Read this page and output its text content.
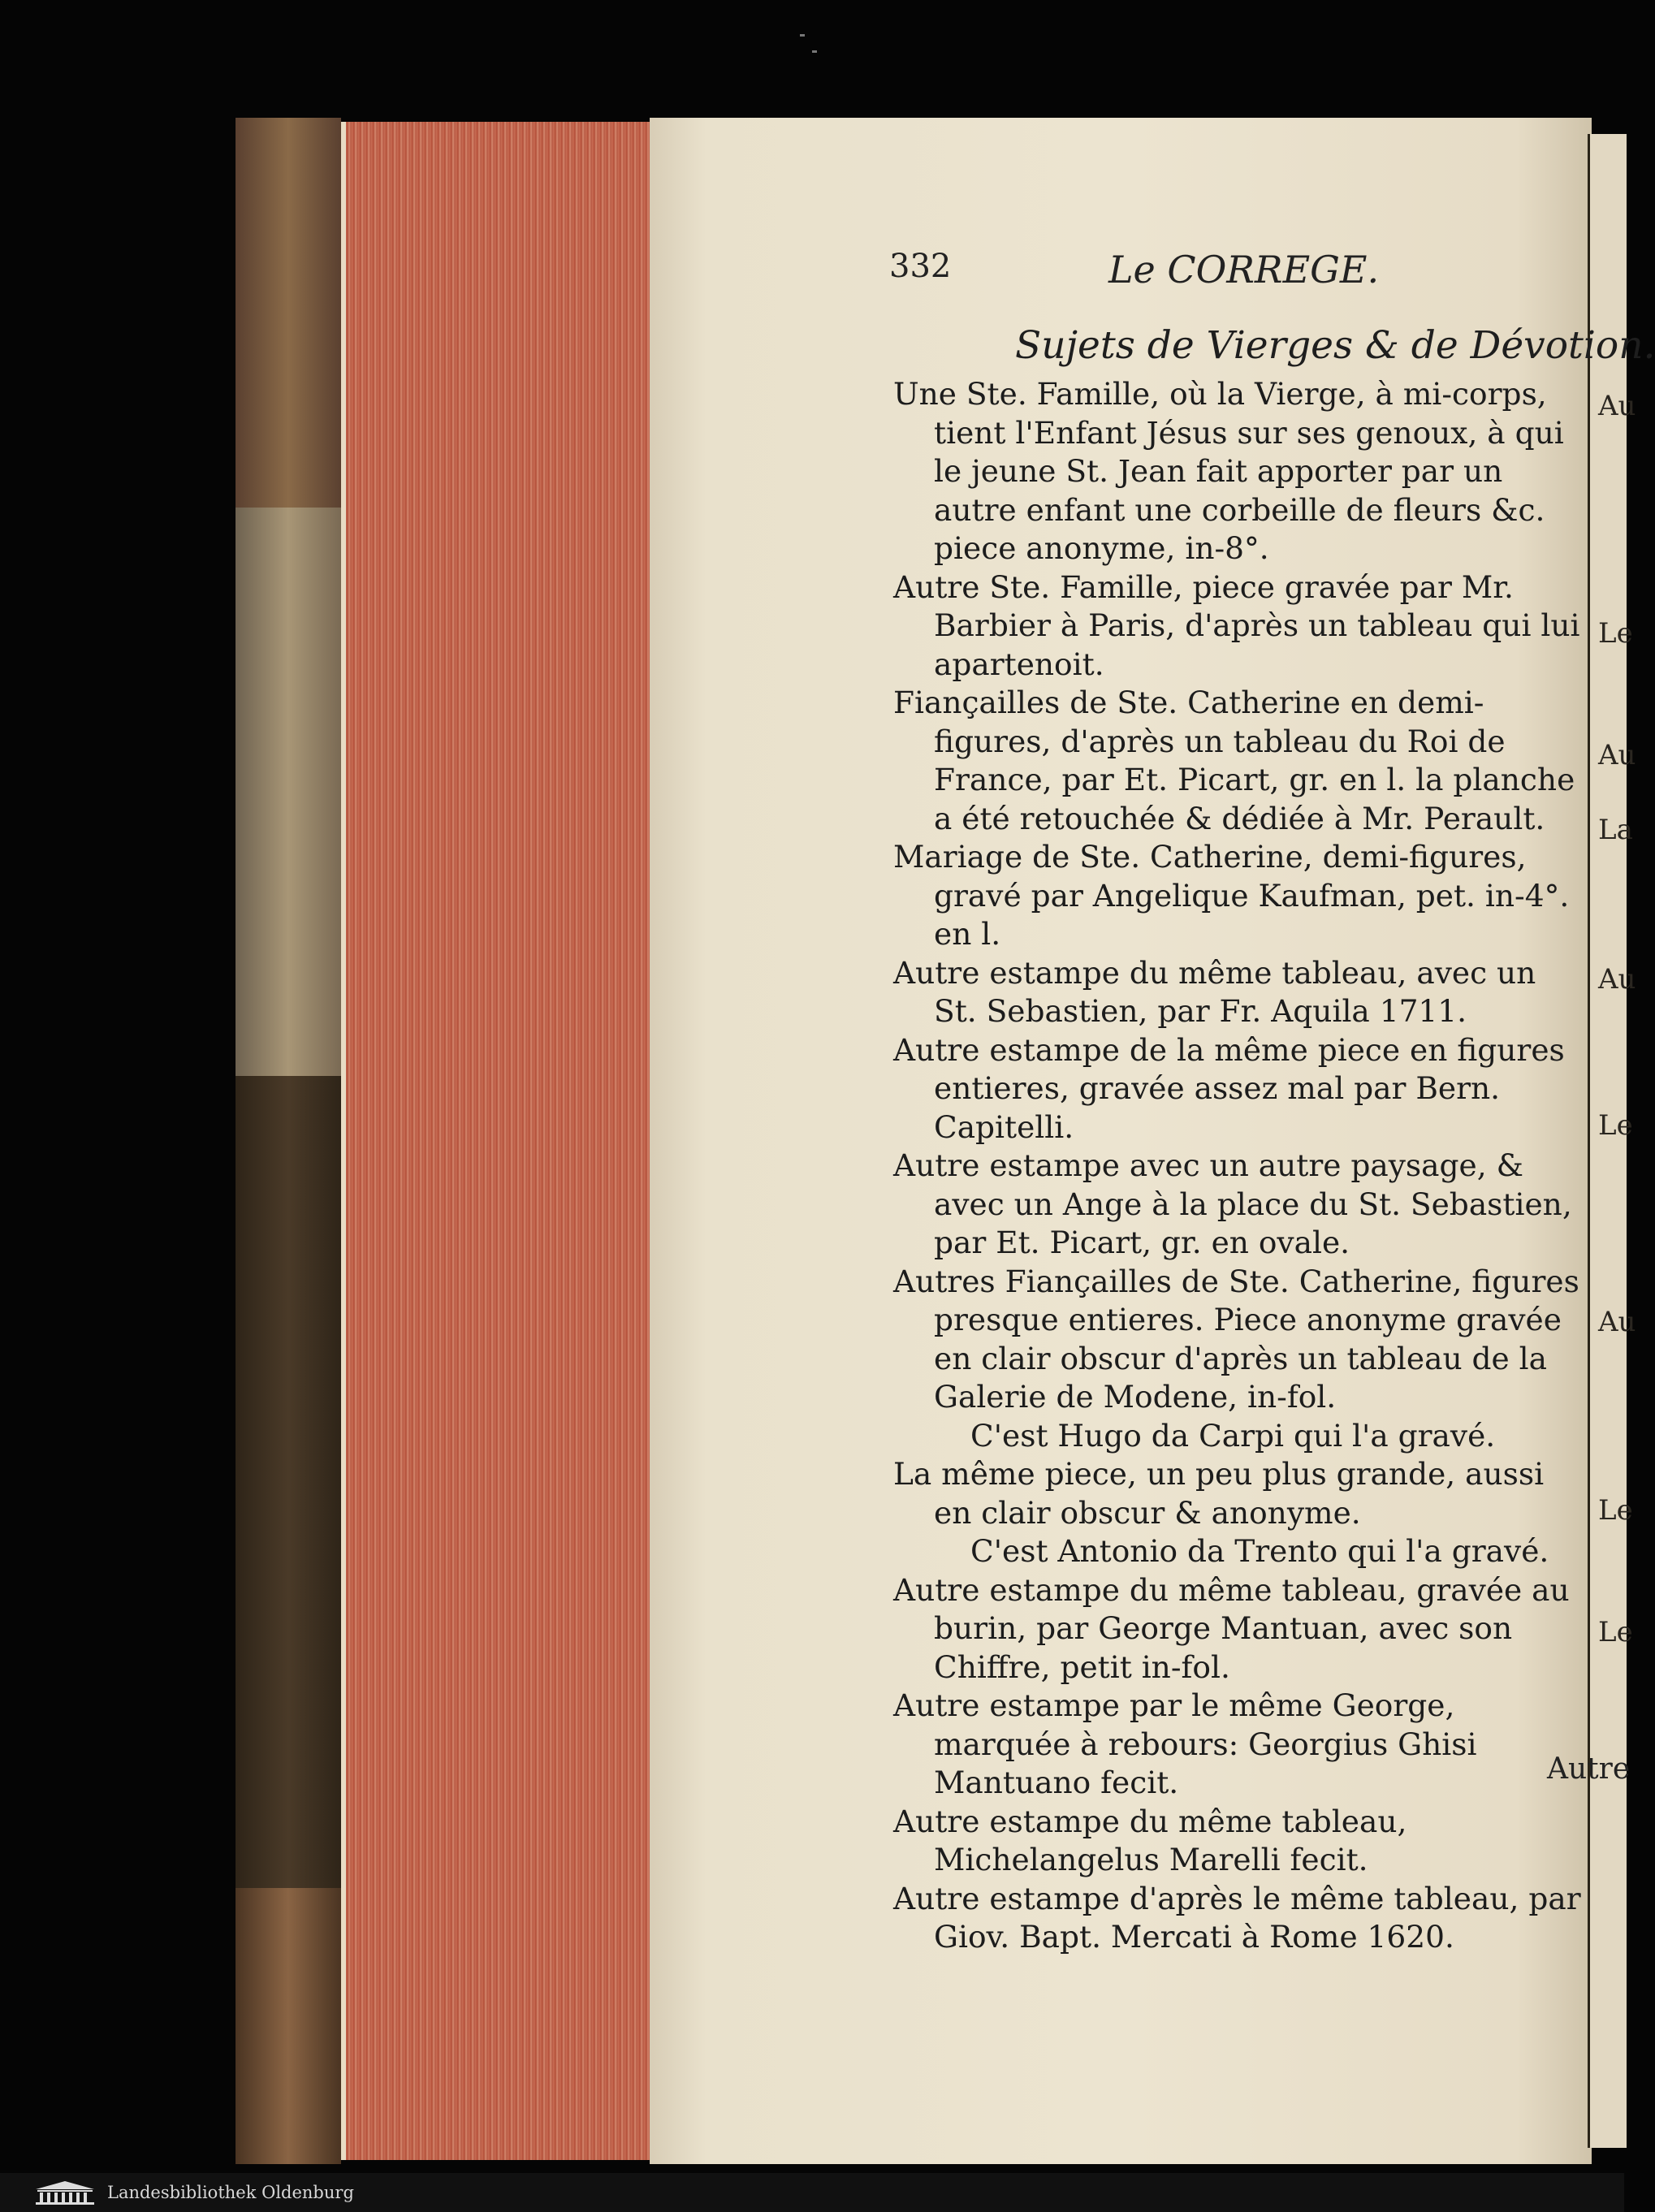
Au
Le
Au
La
Au
Le
Au
Le
Le
332	Le CORREGE.
Sujets de Vierges & de Dévotion.

Une Ste. Famille, où la Vierge, à mi-corps, tient l'Enfant Jésus sur ses genoux, à qui le jeune St. Jean fait apporter par un autre enfant une corbeille de fleurs &c. piece anonyme, in-8°.

Autre Ste. Famille, piece gravée par Mr. Barbier à Paris, d'après un tableau qui lui apartenoit.

Fiançailles de Ste. Catherine en demi-figures, d'après un tableau du Roi de France, par Et. Picart, gr. en l. la planche a été retouchée & dédiée à Mr. Perault.

Mariage de Ste. Catherine, demi-figures, gravé par Angelique Kaufman, pet. in-4°. en l.

Autre estampe du même tableau, avec un St. Sebastien, par Fr. Aquila 1711.

Autre estampe de la même piece en figures entieres, gravée assez mal par Bern. Capitelli.

Autre estampe avec un autre paysage, & avec un Ange à la place du St. Sebastien, par Et. Picart, gr. en ovale.

Autres Fiançailles de Ste. Catherine, figures presque entieres. Piece anonyme gravée en clair obscur d'après un tableau de la Galerie de Modene, in-fol.

C'est Hugo da Carpi qui l'a gravé.

La même piece, un peu plus grande, aussi en clair obscur & anonyme.

C'est Antonio da Trento qui l'a gravé.

Autre estampe du même tableau, gravée au burin, par George Mantuan, avec son Chiffre, petit in-fol.

Autre estampe par le même George, marquée à rebours: Georgius Ghisi Mantuano fecit.

Autre estampe du même tableau, Michelangelus Marelli fecit.

Autre estampe d'après le même tableau, par Giov. Bapt. Mercati à Rome 1620.

Autre
Landesbibliothek Oldenburg
